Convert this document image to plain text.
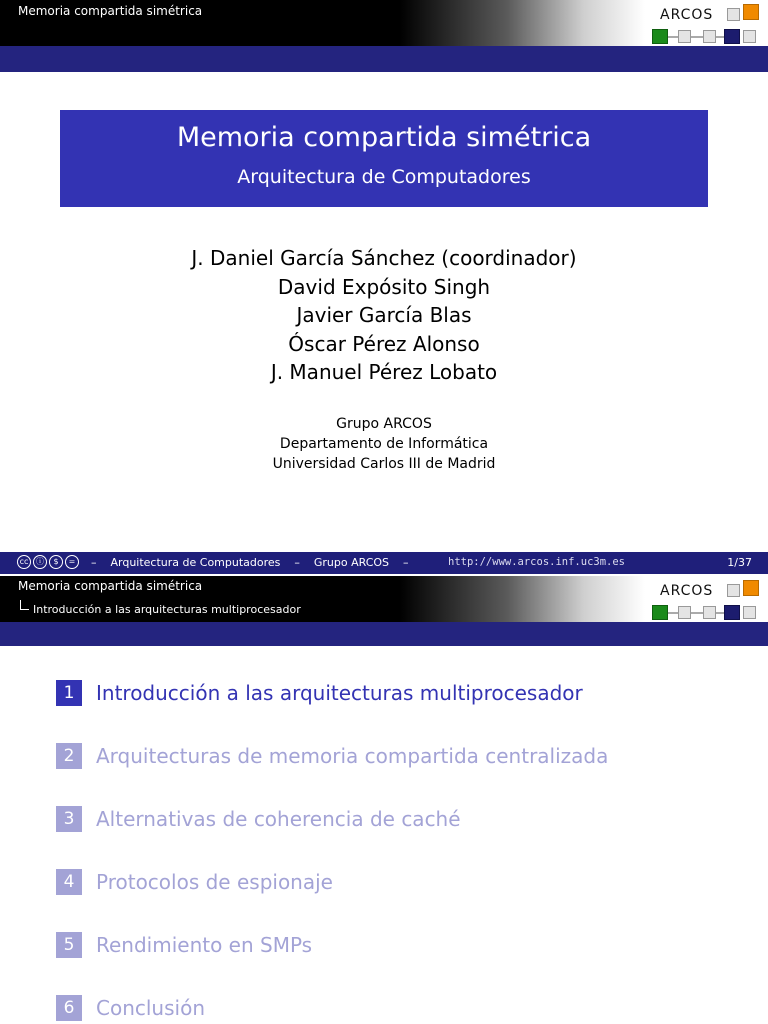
Memoria compartida simétrica	ARCOS
Memoria compartida simétrica
Arquitectura de Computadores
J. Daniel García Sánchez (coordinador)
David Expósito Singh
Javier García Blas
Óscar Pérez Alonso
J. Manuel Pérez Lobato
Grupo ARCOS
Departamento de Informática
Universidad Carlos III de Madrid
cc ⓘ	$	=	–    Arquitectura de Computadores    –    Grupo ARCOS    –	http://www.arcos.inf.uc3m.es	1/37
Memoria compartida simétrica
Introducción a las arquitecturas multiprocesador
ARCOS
1	Introducción a las arquitecturas multiprocesador
2	Arquitecturas de memoria compartida centralizada
3	Alternativas de coherencia de caché
4	Protocolos de espionaje
5	Rendimiento en SMPs
6	Conclusión
